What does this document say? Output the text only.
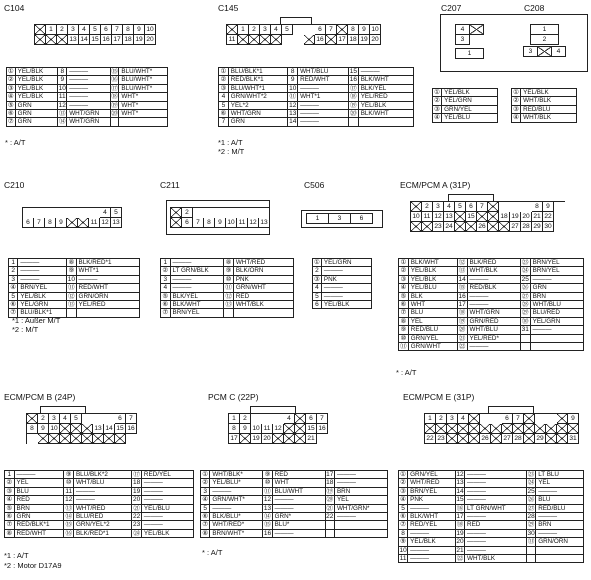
C104
1	2	3	4	5	6	7	8	9 10
13 14 15 16 17 18 19 20
①	YEL/BLK	8	———	⑮	BLU/WHT*
②	YEL/BLK	9	———	⑯	BLU/WHT*
③	YEL/BLK	10	———	⑰	BLU/WHT*
④	YEL/BLK	11	———	⑱	WHT*
⑤	GRN	12	———	⑲	WHT*
⑥	GRN	⑬	WHT/GRN	⑳	WHT*
⑦	GRN	⑭	WHT/GRN		
* : A/T
C145
1	2	3	4	5	6	7	8	9 10
11	16	17 18 19 20
①	BLU/BLK*1	8	WHT/BLU	15	———
②	RED/BLK*1	9	RED/WHT	16	BLK/WHT
③	BLU/WHT*1	10	———	⑰	BLK/YEL
4	GRN/WHT*2	⑪	WHT*1	⑱	YEL/RED
5	YEL*2	12	———	⑲	YEL/BLK
⑥	WHT/GRN	13	———	⑳	BLK/WHT
7	GRN	14	———		
*1 : A/T
*2 : M/T
C207	C208
4
3
1
1
2
3	4
①	YEL/BLK
②	YEL/GRN
③	GRN/YEL
④	YEL/BLU
①	YEL/BLK
②	WHT/BLK
③	RED/BLU
④	WHT/BLK
C210
4	5
6	7	8	9	11 12 13
1	———	⑧	BLK/RED*1
2	———	⑨	WHT*1
3	———	10	———
④	BRN/YEL	⑪	RED/WHT
5	YEL/BLK	⑫	GRN/ORN
⑥	YEL/GRN	⑬	YEL/RED
⑦	BLU/BLK*1		
*1 : Außer M/T
*2 : M/T
C211
2
6	7	8	9 10 11 12 13
1	———	⑧	WHT/RED
②	LT GRN/BLK	⑨	BLK/ORN
3	———	⑩	PNK
4	———	⑪	GRN/WHT
⑤	BLK/YEL	⑫	RED
⑥	BLK/WHT	⑬	WHT/BLK
⑦	BRN/YEL		
C506
1	3	6
①	YEL/GRN
2	———
③	PNK
4	———
5	———
6	YEL/BLK
ECM/PCM A (31P)
2	3	4	5	6	7	8	9
10 11 12 13	15	18 19 20 21 22
23 24	26	27 28 29 30
①	BLK/WHT	⑫	BLK/RED	㉓	BRN/YEL
②	YEL/BLK	⑬	WHT/BLK	㉔	BRN/YEL
③	YEL/BLK	14	———	25	———
④	YEL/BLU	⑮	RED/BLK	㉖	GRN
⑤	BLK	16	———	㉗	BRN
⑥	WHT	17	———	㉘	WHT/BLU
⑦	BLU	⑱	WHT/GRN	㉙	BLU/RED
⑧	YEL	⑲	GRN/RED	㉚	YEL/GRN
⑨	RED/BLU	⑳	WHT/BLU	31	———
⑩	GRN/YEL	㉑	YEL/RED*		
⑪	GRN/WHT	㉒	———		
* : A/T
ECM/PCM B (24P)
2	3	4	5	6	7
8	9 10	13 14 15 16
1	———	⑨	BLU/BLK*2	⑰	RED/YEL
②	YEL	⑩	WHT/BLU	18	———
③	BLU	11	———	19	———
④	RED	12	———	20	———
⑤	BRN	⑬	WHT/RED	㉑	YEL/BLU
⑥	GRN	⑭	BLU/RED	22	———
⑦	RED/BLK*1	⑮	GRN/YEL*2	23	———
⑧	RED/WHT	⑯	BLK/RED*1	㉔	YEL/BLK
*1 : A/T
*2 : Motor D17A9
PCM C (22P)
1	2	4	6	7
8	9 10 11 12	15 16
17	19 20	21
①	WHT/BLK*	⑨	RED	17	———
②	YEL/BLU*	⑩	WHT	18	———
3	———	⑪	BLU/WHT	⑲	BRN
④	GRN/WHT*	12	———	⑳	YEL
5	———	13	———	㉑	WHT/GRN*
⑥	BLK/BLU*	⑭	GRN*	22	———
⑦	WHT/RED*	⑮	BLU*		
⑧	BRN/WHT*	16	———		
* : A/T
ECM/PCM E (31P)
1	2	3	4	6	7	9
22 23	26	27 28	29	31
①	GRN/YEL	12	———	㉓	LT BLU
②	WHT/RED	13	———	㉔	YEL
③	BRN/YEL	14	———	25	———
④	PNK	15	———	㉖	BLU
5	———	⑯	LT GRN/WHT	㉗	RED/BLU
⑥	BLK/WHT	17	———	28	———
⑦	RED/YEL	⑱	RED	㉙	BRN
8	———	19	———	30	———
⑨	YEL/BLK	20	———	㉛	GRN/ORN
10	———	21	———		
11	———	㉒	WHT/BLK		
